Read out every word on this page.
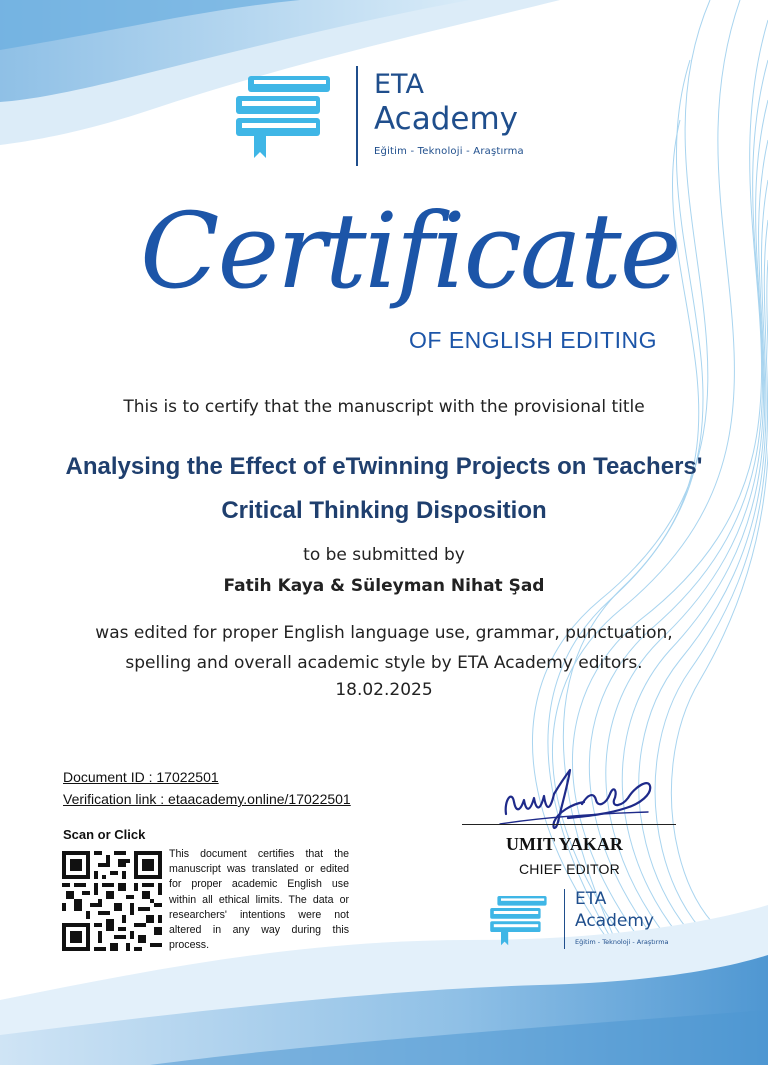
ETA
Academy
Eğitim - Teknoloji - Araştırma
Certificate
OF ENGLISH EDITING
This is to certify that the manuscript with the provisional title
Analysing the Effect of eTwinning Projects on Teachers'
Critical Thinking Disposition
to be submitted by
Fatih Kaya & Süleyman Nihat Şad
was edited for proper English language use, grammar, punctuation,
spelling and overall academic style by ETA Academy editors.
18.02.2025
Document ID : 17022501
Verification link : etaacademy.online/17022501
Scan or Click
This document certifies that the manuscript was translated or edited for proper academic English use within all ethical limits. The data or researchers' intentions were not altered in any way during this process.
UMIT YAKAR
CHIEF EDITOR
ETA
Academy
Eğitim - Teknoloji - Araştırma
